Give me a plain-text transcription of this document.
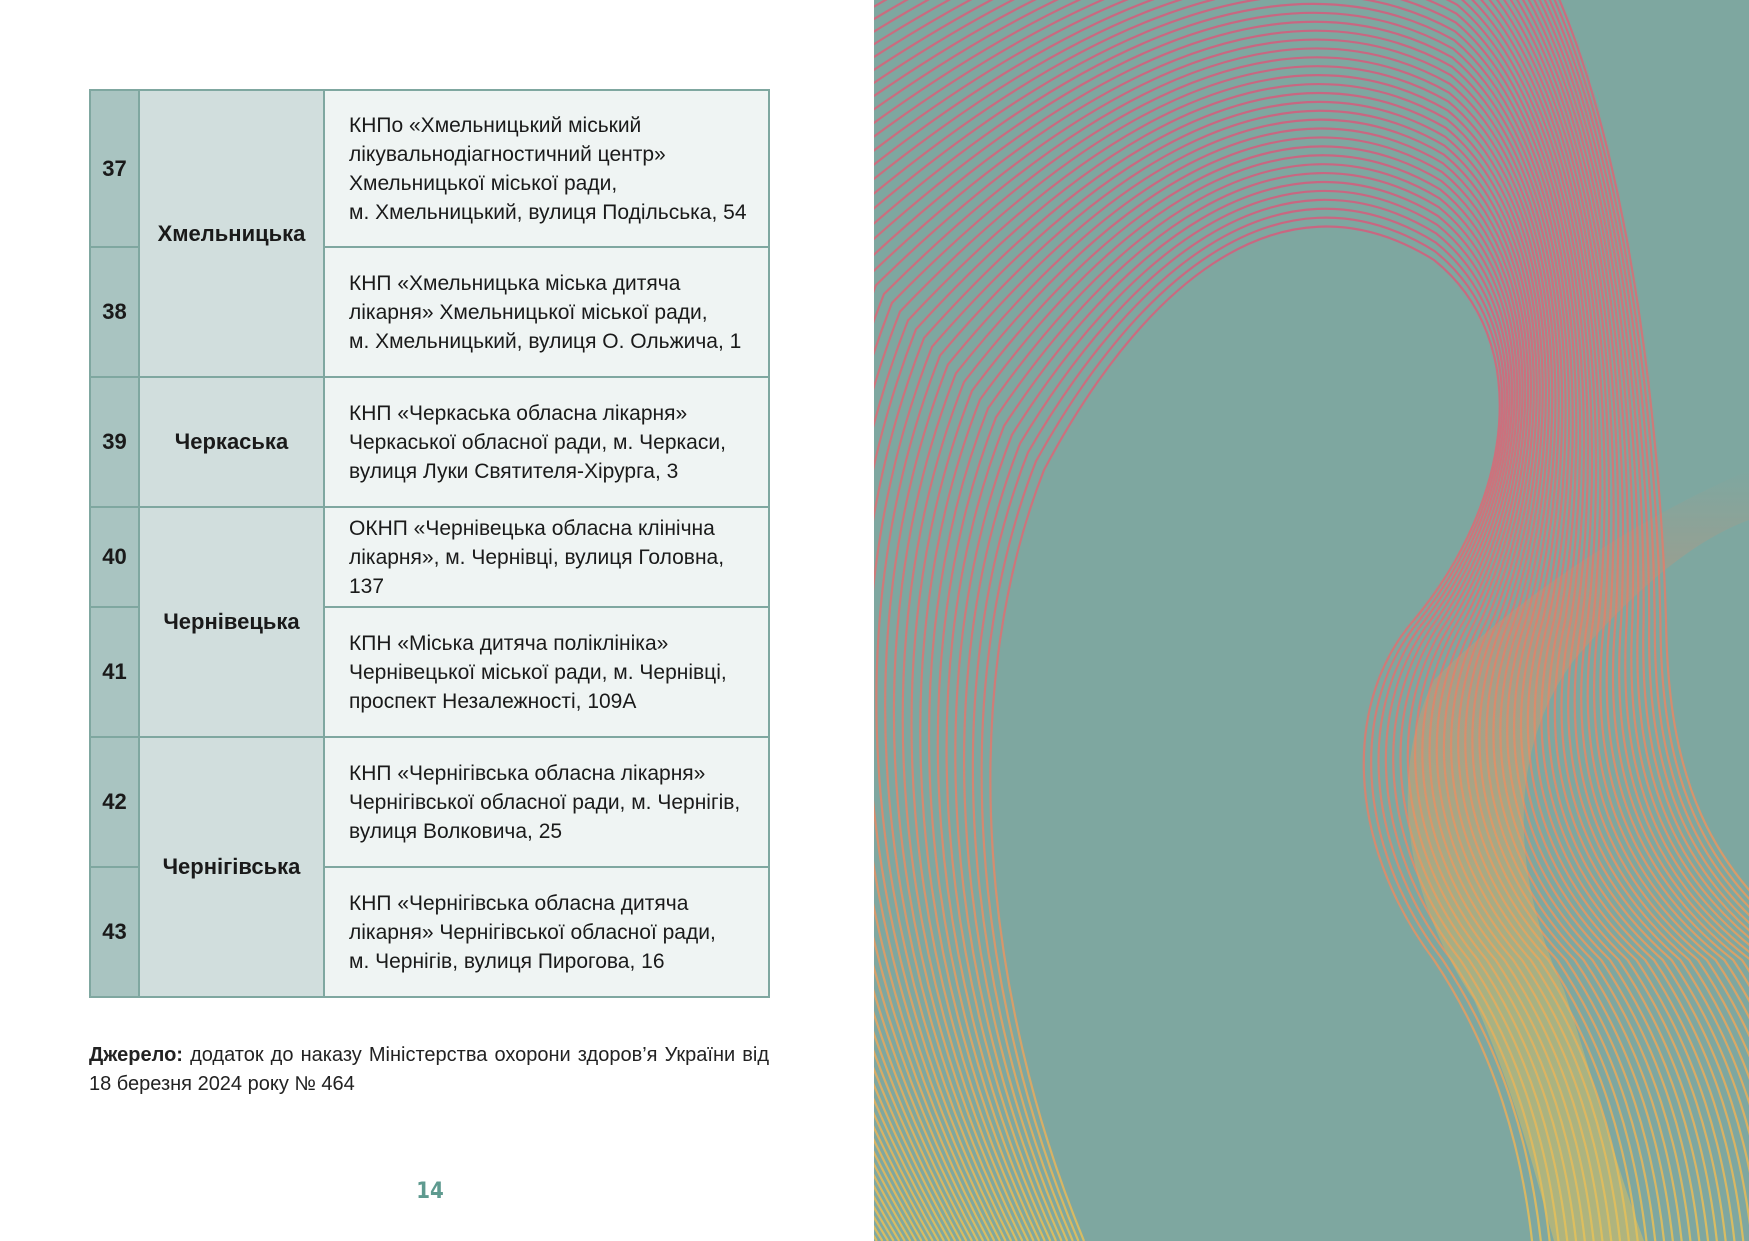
37	Хмельницька	КНПо «Хмельницький міський
лікувальнодіагностичний центр»
Хмельницької міської ради,
м. Хмельницький, вулиця Подільська, 54

38		КНП «Хмельницька міська дитяча
лікарня» Хмельницької міської ради,
м. Хмельницький, вулиця О. Ольжича, 1

39	Черкаська	КНП «Черкаська обласна лікарня»
Черкаської обласної ради, м. Черкаси,
вулиця Луки Святителя-Хірурга, 3

40	Чернівецька	ОКНП «Чернівецька обласна клінічна
лікарня», м. Чернівці, вулиця Головна, 137

41		КПН «Міська дитяча поліклініка»
Чернівецької міської ради, м. Чернівці,
проспект Незалежності, 109А

42	Чернігівська	КНП «Чернігівська обласна лікарня»
Чернігівської обласної ради, м. Чернігів,
вулиця Волковича, 25

43		КНП «Чернігівська обласна дитяча
лікарня» Чернігівської обласної ради,
м. Чернігів, вулиця Пирогова, 16
Джерело: додаток до наказу Міністерства охорони здоров’я України від 18 березня 2024 року № 464
14
